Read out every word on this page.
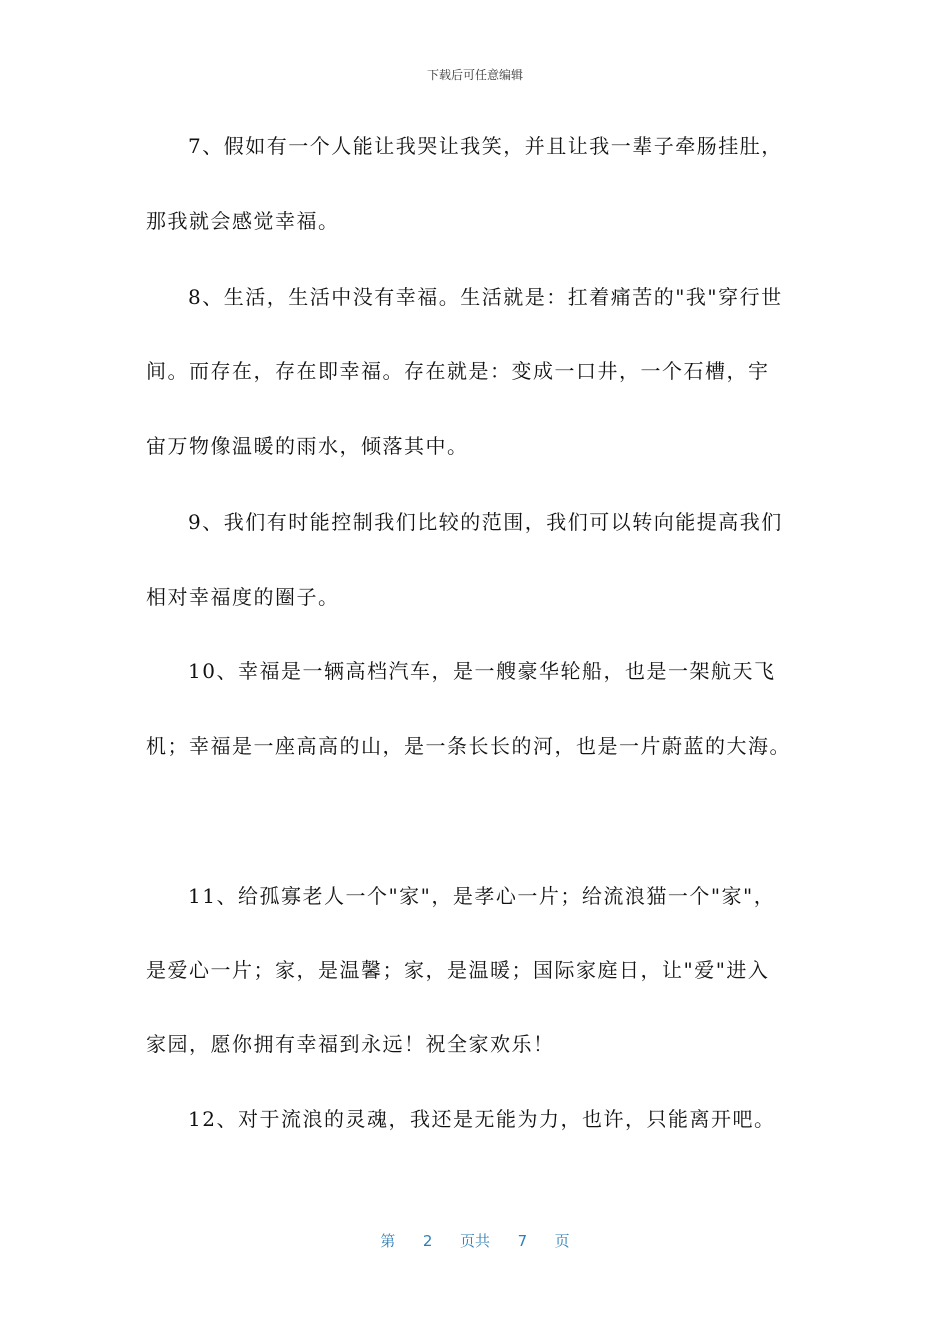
下载后可任意编辑
7、假如有一个人能让我哭让我笑，并且让我一辈子牵肠挂肚，
那我就会感觉幸福。
8、生活，生活中没有幸福。生活就是：扛着痛苦的"我"穿行世
间。而存在，存在即幸福。存在就是：变成一口井，一个石槽，宇
宙万物像温暖的雨水，倾落其中。
9、我们有时能控制我们比较的范围，我们可以转向能提高我们
相对幸福度的圈子。
10、幸福是一辆高档汽车，是一艘豪华轮船，也是一架航天飞
机；幸福是一座高高的山，是一条长长的河，也是一片蔚蓝的大海。
11、给孤寡老人一个"家"，是孝心一片；给流浪猫一个"家"，
是爱心一片；家，是温馨；家，是温暖；国际家庭日，让"爱"进入
家园，愿你拥有幸福到永远！祝全家欢乐！
12、对于流浪的灵魂，我还是无能为力，也许，只能离开吧。
第 2 页共 7 页
